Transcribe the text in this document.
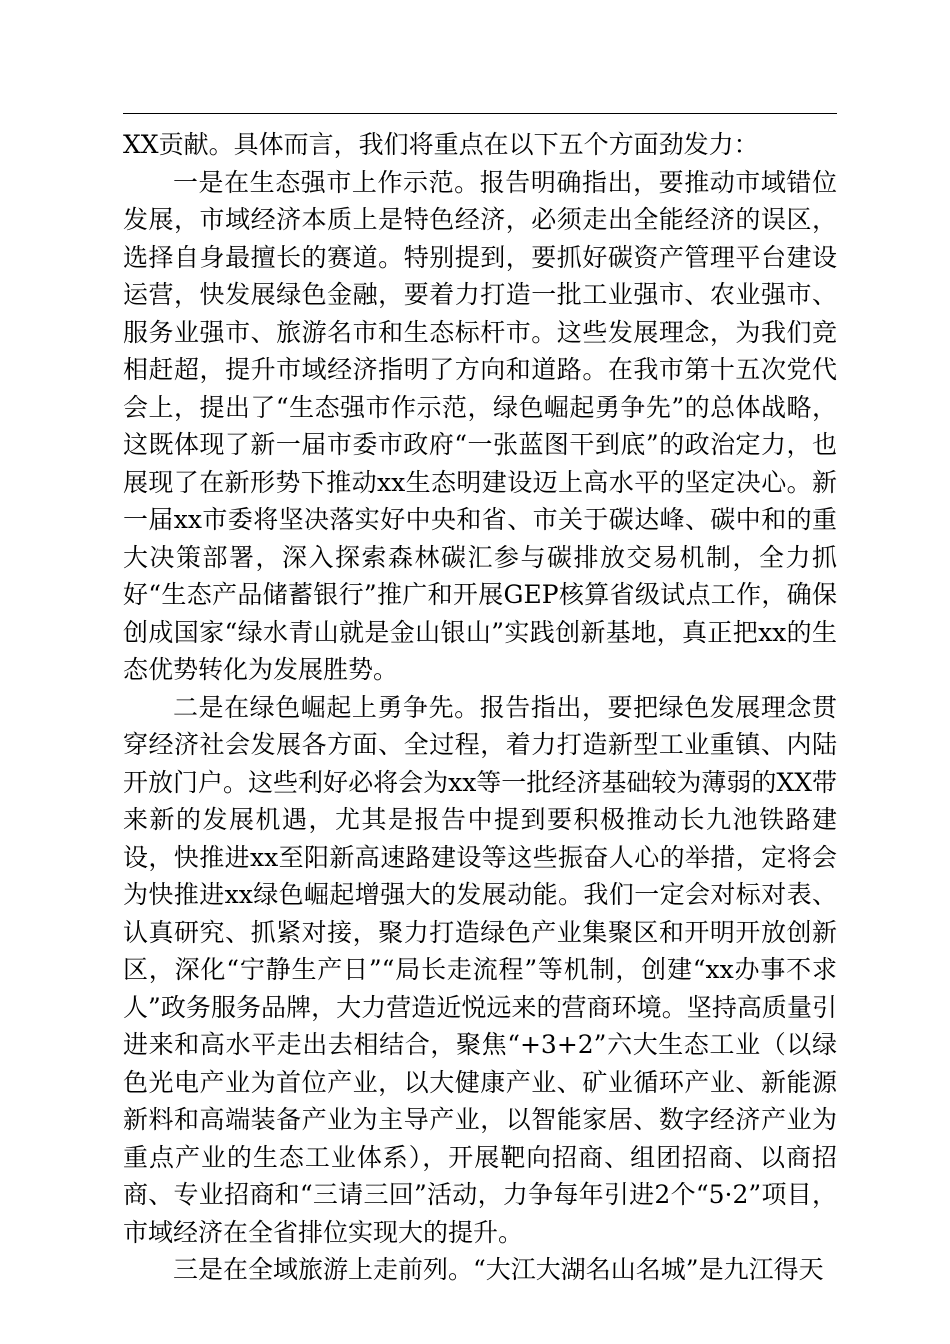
XX贡献。具体而言，我们将重点在以下五个方面劲发力：

一是在生态强市上作示范。报告明确指出，要推动市域错位发展，市域经济本质上是特色经济，必须走出全能经济的误区，选择自身最擅长的赛道。特别提到，要抓好碳资产管理平台建设运营，快发展绿色金融，要着力打造一批工业强市、农业强市、服务业强市、旅游名市和生态标杆市。这些发展理念，为我们竞相赶超，提升市域经济指明了方向和道路。在我市第十五次党代会上，提出了“生态强市作示范，绿色崛起勇争先”的总体战略，这既体现了新一届市委市政府“一张蓝图干到底”的政治定力，也展现了在新形势下推动xx生态明建设迈上高水平的坚定决心。新一届xx市委将坚决落实好中央和省、市关于碳达峰、碳中和的重大决策部署，深入探索森林碳汇参与碳排放交易机制，全力抓好“生态产品储蓄银行”推广和开展GEP核算省级试点工作，确保创成国家“绿水青山就是金山银山”实践创新基地，真正把xx的生态优势转化为发展胜势。

二是在绿色崛起上勇争先。报告指出，要把绿色发展理念贯穿经济社会发展各方面、全过程，着力打造新型工业重镇、内陆开放门户。这些利好必将会为xx等一批经济基础较为薄弱的XX带来新的发展机遇，尤其是报告中提到要积极推动长九池铁路建设，快推进xx至阳新高速路建设等这些振奋人心的举措，定将会为快推进xx绿色崛起增强大的发展动能。我们一定会对标对表、认真研究、抓紧对接，聚力打造绿色产业集聚区和开明开放创新区，深化“宁静生产日”“局长走流程”等机制，创建“xx办事不求人”政务服务品牌，大力营造近悦远来的营商环境。坚持高质量引进来和高水平走出去相结合，聚焦“+3+2”六大生态工业（以绿色光电产业为首位产业，以大健康产业、矿业循环产业、新能源新料和高端装备产业为主导产业，以智能家居、数字经济产业为重点产业的生态工业体系），开展靶向招商、组团招商、以商招商、专业招商和“三请三回”活动，力争每年引进2个“5·2”项目，市域经济在全省排位实现大的提升。

三是在全域旅游上走前列。“大江大湖名山名城”是九江得天
